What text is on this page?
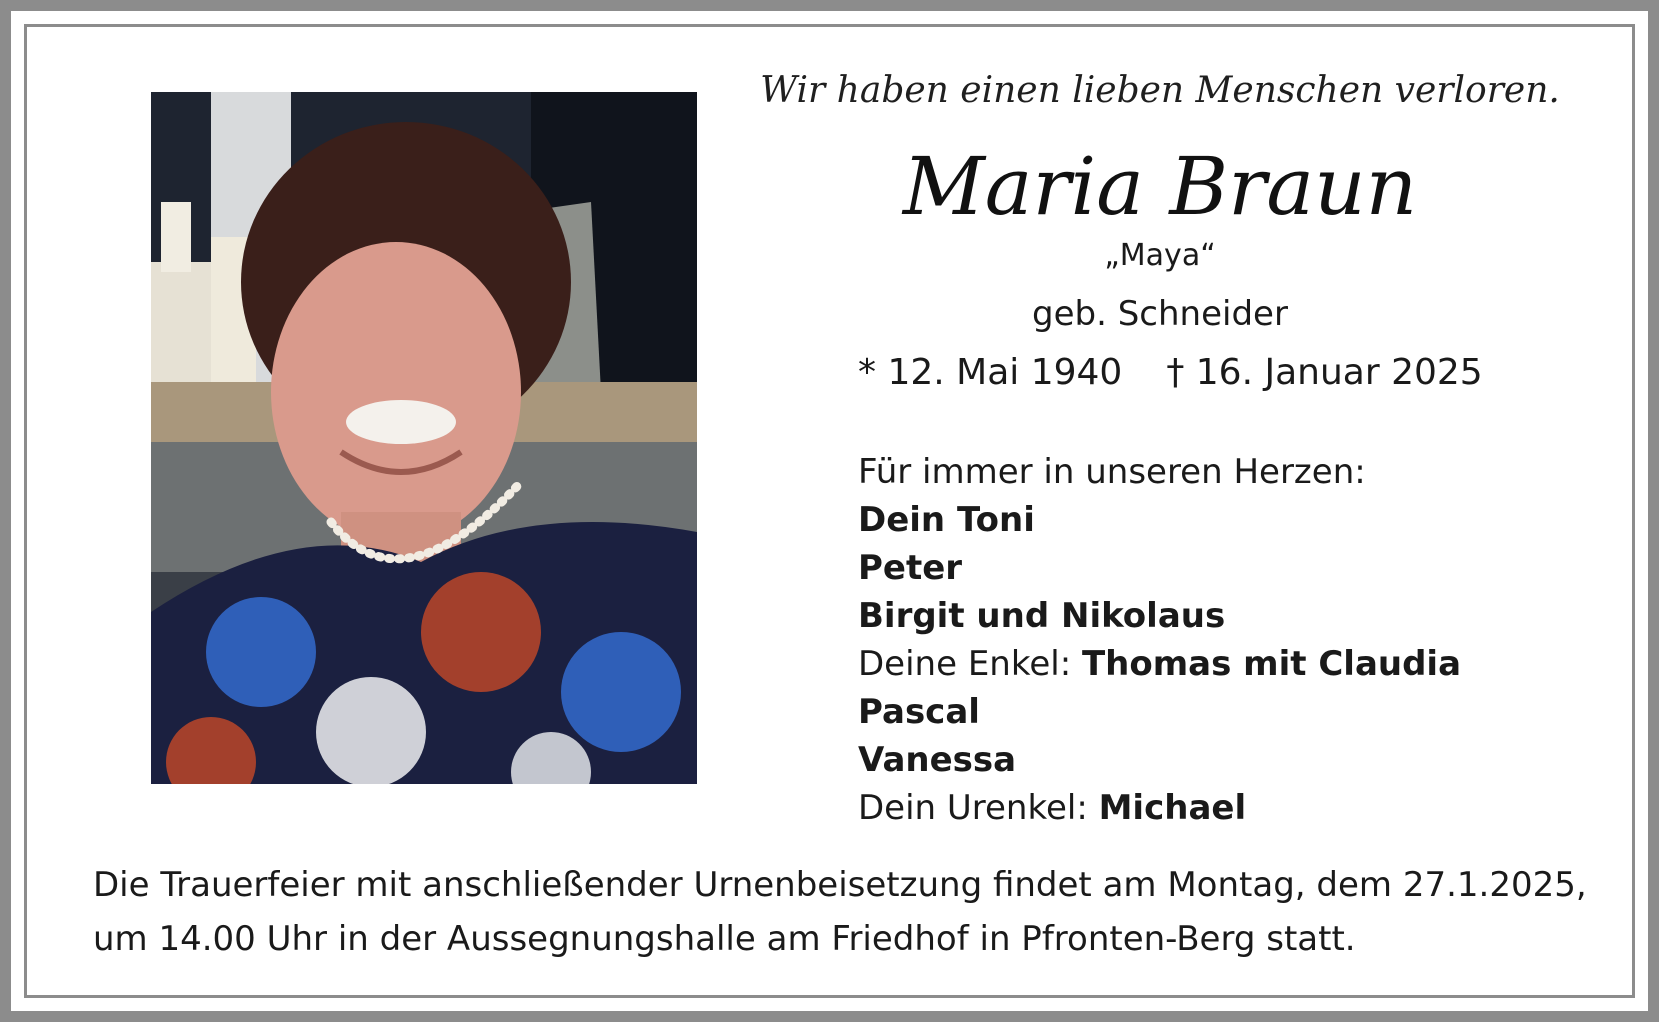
Wir haben einen lieben Menschen verloren.
Maria Braun
„Maya“
geb. Schneider
* 12. Mai 1940 † 16. Januar 2025
Für immer in unseren Herzen:
Dein Toni
Peter
Birgit und Nikolaus
Deine Enkel: Thomas mit Claudia
Pascal
Vanessa
Dein Urenkel: Michael
Die Trauerfeier mit anschließender Urnenbeisetzung findet am Montag, dem 27.1.2025,
um 14.00 Uhr in der Aussegnungshalle am Friedhof in Pfronten-Berg statt.
